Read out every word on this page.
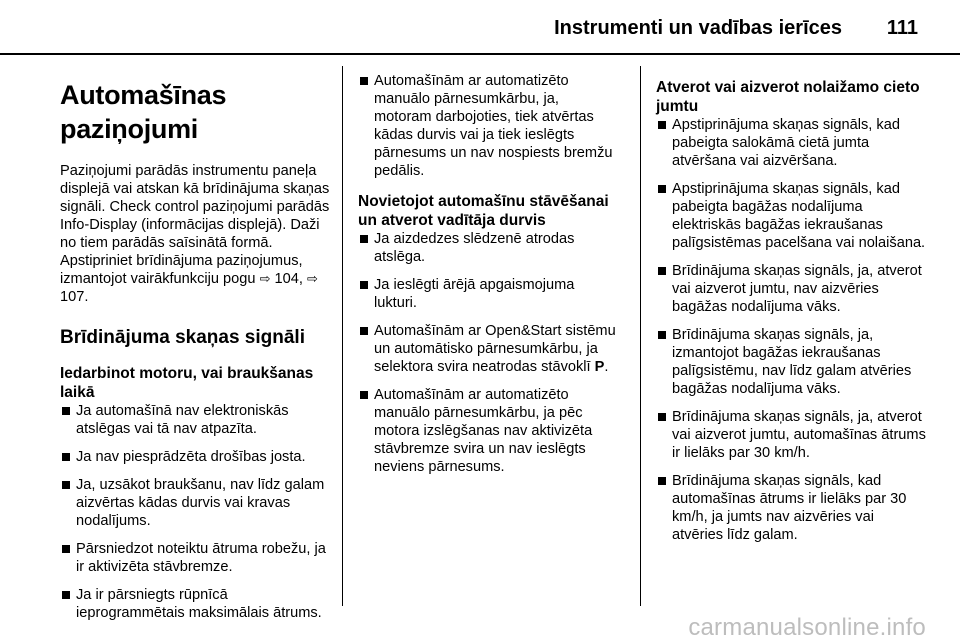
Instrumenti un vadības ierīces 111
Automašīnas paziņojumi

Paziņojumi parādās instrumentu paneļa displejā vai atskan kā brīdinājuma skaņas signāli. Check control paziņojumi parādās Info-Display (informācijas displejā). Daži no tiem parādās saīsinātā formā. Apstipriniet brīdinājuma paziņojumus, izmantojot vairākfunkciju pogu ⇨ 104, ⇨ 107.

Brīdinājuma skaņas signāli
Iedarbinot motoru, vai braukšanas laikā
Ja automašīnā nav elektroniskās atslēgas vai tā nav atpazīta.
Ja nav piesprādzēta drošības josta.
Ja, uzsākot braukšanu, nav līdz galam aizvērtas kādas durvis vai kravas nodalījums.
Pārsniedzot noteiktu ātruma robežu, ja ir aktivizēta stāvbremze.
Ja ir pārsniegts rūpnīcā ieprogrammētais maksimālais ātrums.
Automašīnām ar automatizēto manuālo pārnesumkārbu, ja, motoram darbojoties, tiek atvērtas kādas durvis vai ja tiek ieslēgts pārnesums un nav nospiests bremžu pedālis.
Novietojot automašīnu stāvēšanai un atverot vadītāja durvis
Ja aizdedzes slēdzenē atrodas atslēga.
Ja ieslēgti ārējā apgaismojuma lukturi.
Automašīnām ar Open&Start sistēmu un automātisko pārnesumkārbu, ja selektora svira neatrodas stāvoklī P.
Automašīnām ar automatizēto manuālo pārnesumkārbu, ja pēc motora izslēgšanas nav aktivizēta stāvbremze svira un nav ieslēgts neviens pārnesums.
Atverot vai aizverot nolaižamo cieto jumtu
Apstiprinājuma skaņas signāls, kad pabeigta salokāmā cietā jumta atvēršana vai aizvēršana.
Apstiprinājuma skaņas signāls, kad pabeigta bagāžas nodalījuma elektriskās bagāžas iekraušanas palīgsistēmas pacelšana vai nolaišana.
Brīdinājuma skaņas signāls, ja, atverot vai aizverot jumtu, nav aizvēries bagāžas nodalījuma vāks.
Brīdinājuma skaņas signāls, ja, izmantojot bagāžas iekraušanas palīgsistēmu, nav līdz galam atvēries bagāžas nodalījuma vāks.
Brīdinājuma skaņas signāls, ja, atverot vai aizverot jumtu, automašīnas ātrums ir lielāks par 30 km/h.
Brīdinājuma skaņas signāls, kad automašīnas ātrums ir lielāks par 30 km/h, ja jumts nav aizvēries vai atvēries līdz galam.
carmanualsonline.info
